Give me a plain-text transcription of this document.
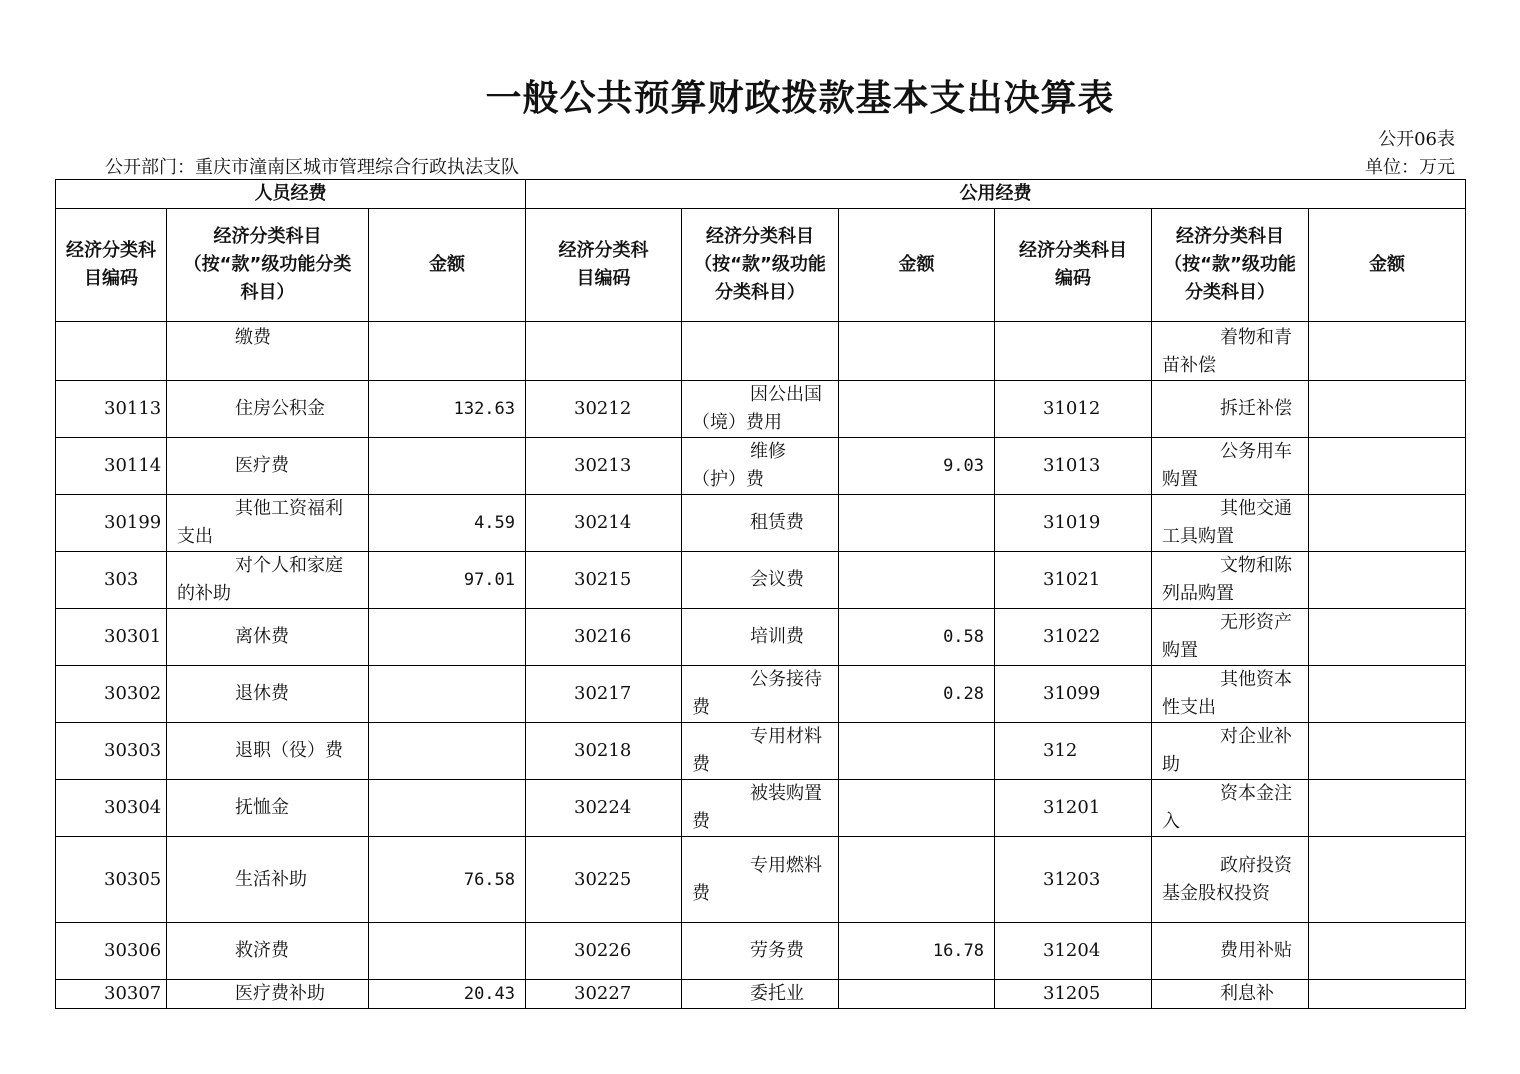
一般公共预算财政拨款基本支出决算表
公开06表
公开部门：重庆市潼南区城市管理综合行政执法支队	单位：万元
人员经费			公用经费					

经济分类科目编码	经济分类科目（按“款”级功能分类科目）	金额	经济分类科目编码	经济分类科目（按“款”级功能分类科目）	金额	经济分类科目编码	经济分类科目（按“款”级功能分类科目）	金额
	缴费						着物和青苗补偿	
30113	住房公积金	132.63	30212	因公出国（境）费用		31012	拆迁补偿	
30114	医疗费		30213	维修（护）费	9.03	31013	公务用车购置	
30199	其他工资福利支出	4.59	30214	租赁费		31019	其他交通工具购置	
303	对个人和家庭的补助	97.01	30215	会议费		31021	文物和陈列品购置	
30301	离休费		30216	培训费	0.58	31022	无形资产购置	
30302	退休费		30217	公务接待费	0.28	31099	其他资本性支出	
30303	退职（役）费		30218	专用材料费		312	对企业补助	
30304	抚恤金		30224	被装购置费		31201	资本金注入	
30305	生活补助	76.58	30225	专用燃料费		31203	政府投资基金股权投资	
30306	救济费		30226	劳务费	16.78	31204	费用补贴	
30307	医疗费补助	20.43	30227	委托业		31205	利息补	
